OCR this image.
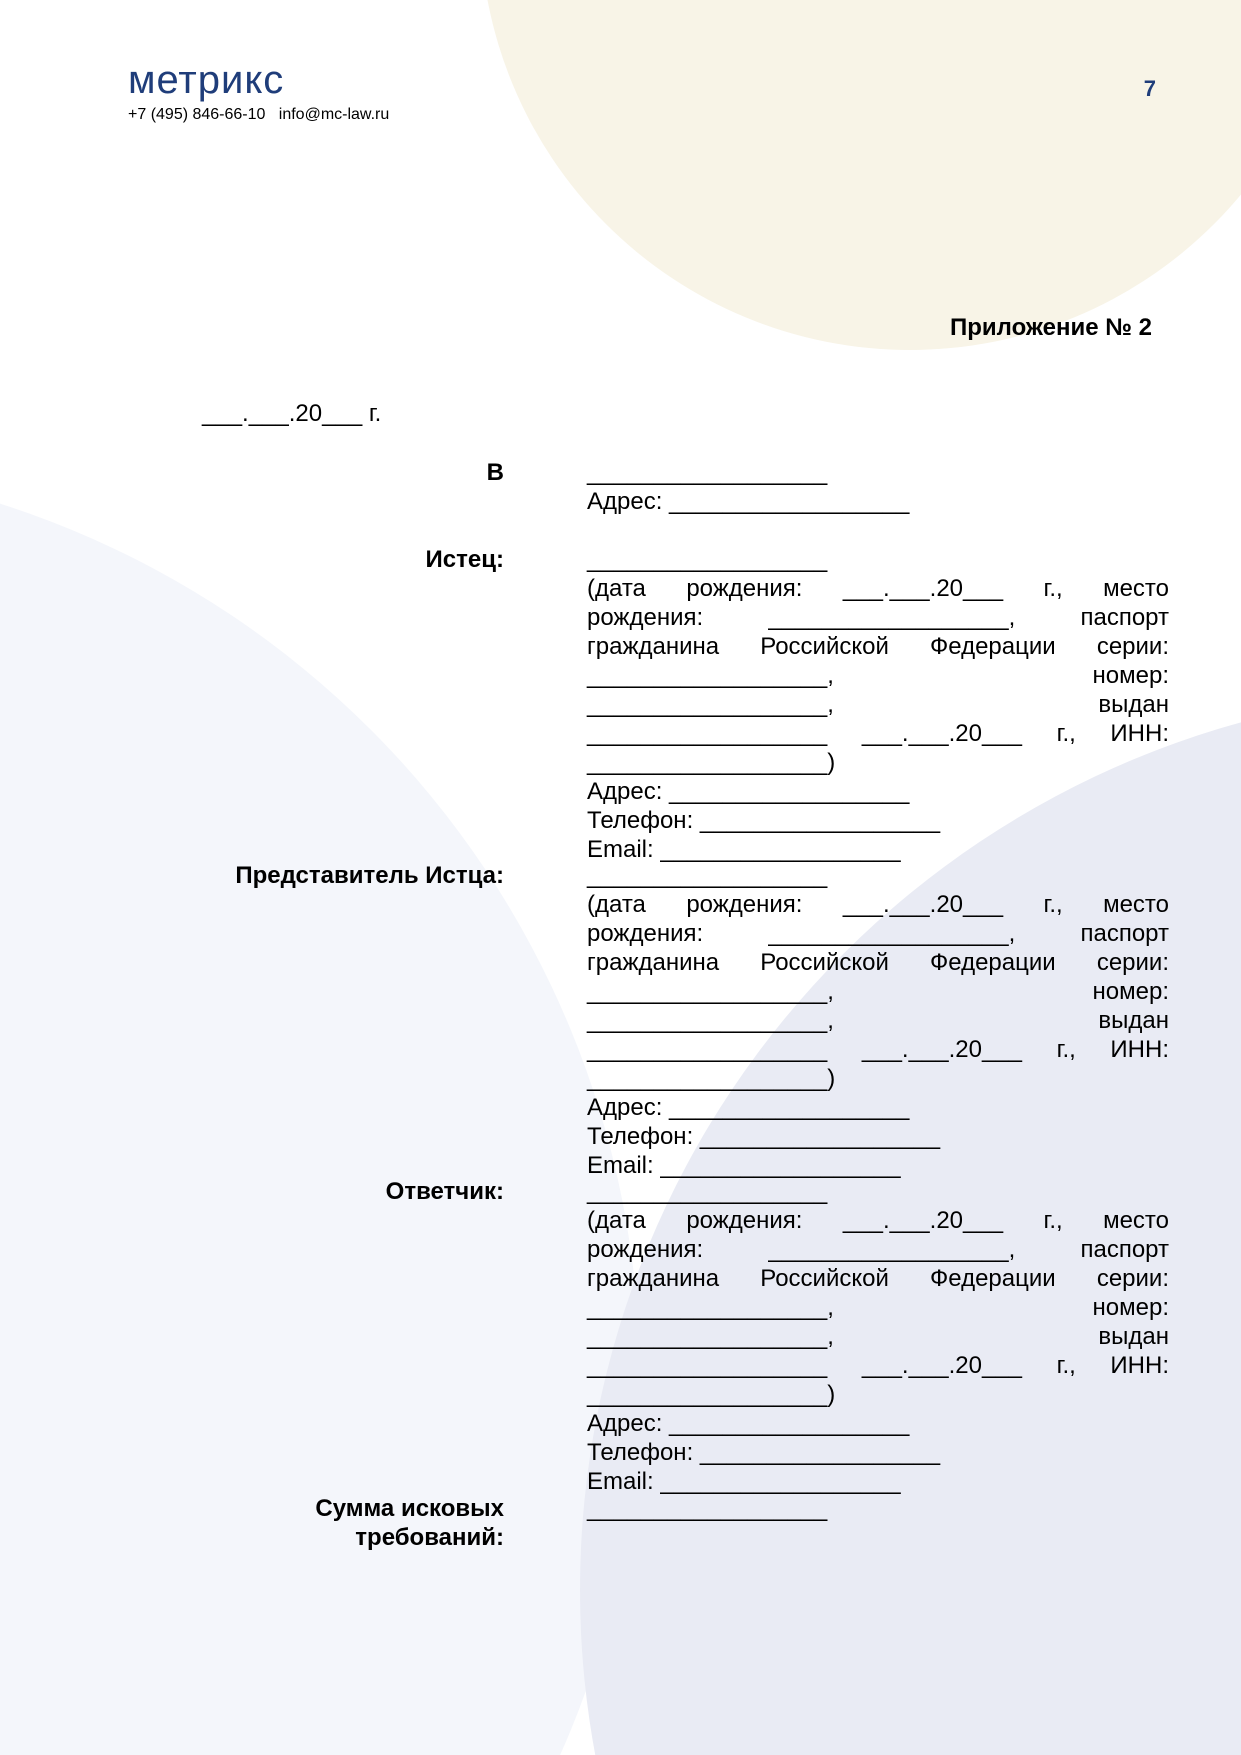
метрикс
+7 (495) 846-66-10 info@mc-law.ru
7
Приложение № 2
___.___.20___ г.
В	__________________
Адрес: __________________
Истец:	__________________
(дата рождения: ___.___.20___ г., место
рождения: __________________, паспорт
гражданина Российской Федерации серии:
__________________, номер:
__________________, выдан
__________________ ___.___.20___ г., ИНН:
__________________)
Адрес: __________________
Телефон: __________________
Email: __________________
Представитель Истца:	__________________
(дата рождения: ___.___.20___ г., место
рождения: __________________, паспорт
гражданина Российской Федерации серии:
__________________, номер:
__________________, выдан
__________________ ___.___.20___ г., ИНН:
__________________)
Адрес: __________________
Телефон: __________________
Email: __________________
Ответчик:	__________________
(дата рождения: ___.___.20___ г., место
рождения: __________________, паспорт
гражданина Российской Федерации серии:
__________________, номер:
__________________, выдан
__________________ ___.___.20___ г., ИНН:
__________________)
Адрес: __________________
Телефон: __________________
Email: __________________
Сумма исковых
требований:
__________________
